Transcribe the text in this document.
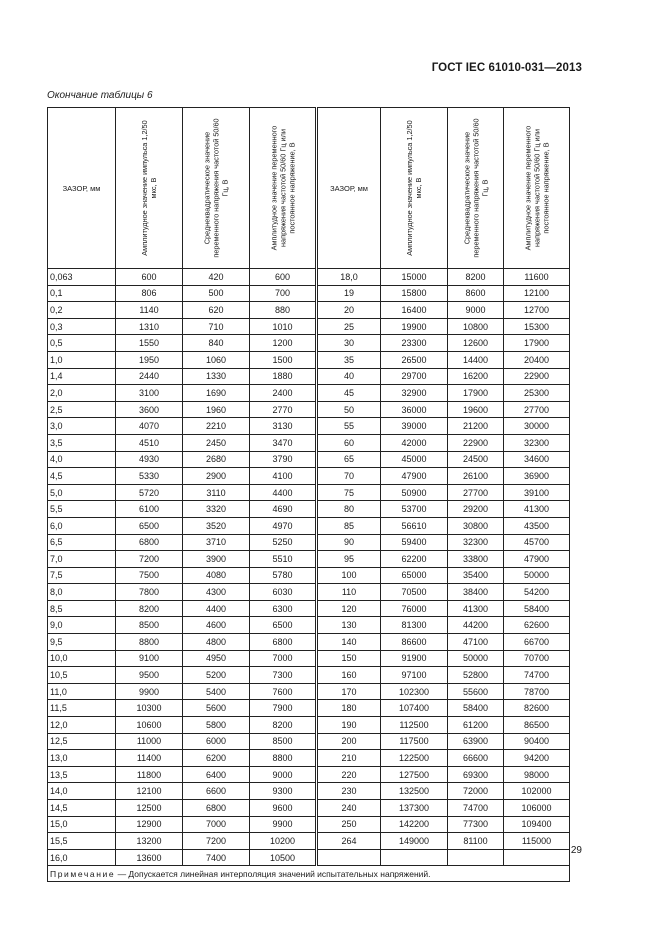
ГОСТ IEC 61010-031—2013
Окончание таблицы 6
ЗАЗОР, мм	Амплитудное значение импульса 1,2/50 мкс, В	Среднеквадратическое значение переменного напряжения частотой 50/60 Гц, В	Амплитудное значение переменного напряжения частотой 50/60 Гц или постоянное напряжение, В	ЗАЗОР, мм	Амплитудное значение импульса 1,2/50 мкс, В	Среднеквадратическое значение переменного напряжения частотой 50/60 Гц, В	Амплитудное значение переменного напряжения частотой 50/60 Гц или постоянное напряжение, В

0,063	600	420	600	18,0	15000	8200	11600
0,1	806	500	700	19	15800	8600	12100
0,2	1140	620	880	20	16400	9000	12700
0,3	1310	710	1010	25	19900	10800	15300
0,5	1550	840	1200	30	23300	12600	17900
1,0	1950	1060	1500	35	26500	14400	20400
1,4	2440	1330	1880	40	29700	16200	22900
2,0	3100	1690	2400	45	32900	17900	25300
2,5	3600	1960	2770	50	36000	19600	27700
3,0	4070	2210	3130	55	39000	21200	30000
3,5	4510	2450	3470	60	42000	22900	32300
4,0	4930	2680	3790	65	45000	24500	34600
4,5	5330	2900	4100	70	47900	26100	36900
5,0	5720	3110	4400	75	50900	27700	39100
5,5	6100	3320	4690	80	53700	29200	41300
6,0	6500	3520	4970	85	56610	30800	43500
6,5	6800	3710	5250	90	59400	32300	45700
7,0	7200	3900	5510	95	62200	33800	47900
7,5	7500	4080	5780	100	65000	35400	50000
8,0	7800	4300	6030	110	70500	38400	54200
8,5	8200	4400	6300	120	76000	41300	58400
9,0	8500	4600	6500	130	81300	44200	62600
9,5	8800	4800	6800	140	86600	47100	66700
10,0	9100	4950	7000	150	91900	50000	70700
10,5	9500	5200	7300	160	97100	52800	74700
11,0	9900	5400	7600	170	102300	55600	78700
11,5	10300	5600	7900	180	107400	58400	82600
12,0	10600	5800	8200	190	112500	61200	86500
12,5	11000	6000	8500	200	117500	63900	90400
13,0	11400	6200	8800	210	122500	66600	94200
13,5	11800	6400	9000	220	127500	69300	98000
14,0	12100	6600	9300	230	132500	72000	102000
14,5	12500	6800	9600	240	137300	74700	106000
15,0	12900	7000	9900	250	142200	77300	109400
15,5	13200	7200	10200	264	149000	81100	115000
16,0	13600	7400	10500				
Примечание — Допускается линейная интерполяция значений испытательных напряжений.							
29
